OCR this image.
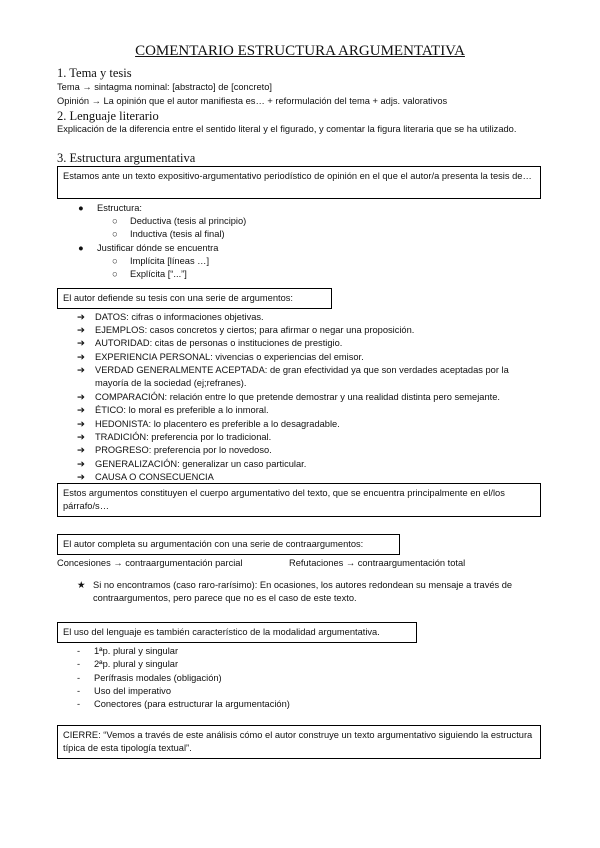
COMENTARIO ESTRUCTURA ARGUMENTATIVA
1. Tema y tesis
Tema → sintagma nominal: [abstracto] de [concreto]
Opinión → La opinión que el autor manifiesta es… + reformulación del tema + adjs. valorativos
2. Lenguaje literario
Explicación de la diferencia entre el sentido literal y el figurado, y comentar la figura literaria que se ha utilizado.
3. Estructura argumentativa
Estamos ante un texto expositivo-argumentativo periodístico de opinión en el que el autor/a presenta la tesis de…
● Estructura:
○ Deductiva (tesis al principio)
○ Inductiva (tesis al final)
● Justificar dónde se encuentra
○ Implícita [líneas …]
○ Explícita [“...”]
El autor defiende su tesis con una serie de argumentos:
➔ DATOS: cifras o informaciones objetivas.
➔ EJEMPLOS: casos concretos y ciertos; para afirmar o negar una proposición.
➔ AUTORIDAD: citas de personas o instituciones de prestigio.
➔ EXPERIENCIA PERSONAL: vivencias o experiencias del emisor.
➔	VERDAD GENERALMENTE ACEPTADA: de gran efectividad ya que son verdades aceptadas por la mayoría de la sociedad (ej;refranes).
➔ COMPARACIÓN: relación entre lo que pretende demostrar y una realidad distinta pero semejante.
➔ ÉTICO: lo moral es preferible a lo inmoral.
➔ HEDONISTA: lo placentero es preferible a lo desagradable.
➔ TRADICIÓN: preferencia por lo tradicional.
➔ PROGRESO: preferencia por lo novedoso.
➔ GENERALIZACIÓN: generalizar un caso particular.
➔ CAUSA O CONSECUENCIA
Estos argumentos constituyen el cuerpo argumentativo del texto, que se encuentra principalmente en el/los párrafo/s…
El autor completa su argumentación con una serie de contraargumentos:
Concesiones → contraargumentación parcial	Refutaciones → contraargumentación total
★ Si no encontramos (caso raro-rarísimo): En ocasiones, los autores redondean su mensaje a través de contraargumentos, pero parece que no es el caso de este texto.
El uso del lenguaje es también característico de la modalidad argumentativa.
- 1ªp. plural y singular
- 2ªp. plural y singular
- Perífrasis modales (obligación)
- Uso del imperativo
- Conectores (para estructurar la argumentación)
CIERRE: “Vemos a través de este análisis cómo el autor construye un texto argumentativo siguiendo la estructura típica de esta tipología textual”.
